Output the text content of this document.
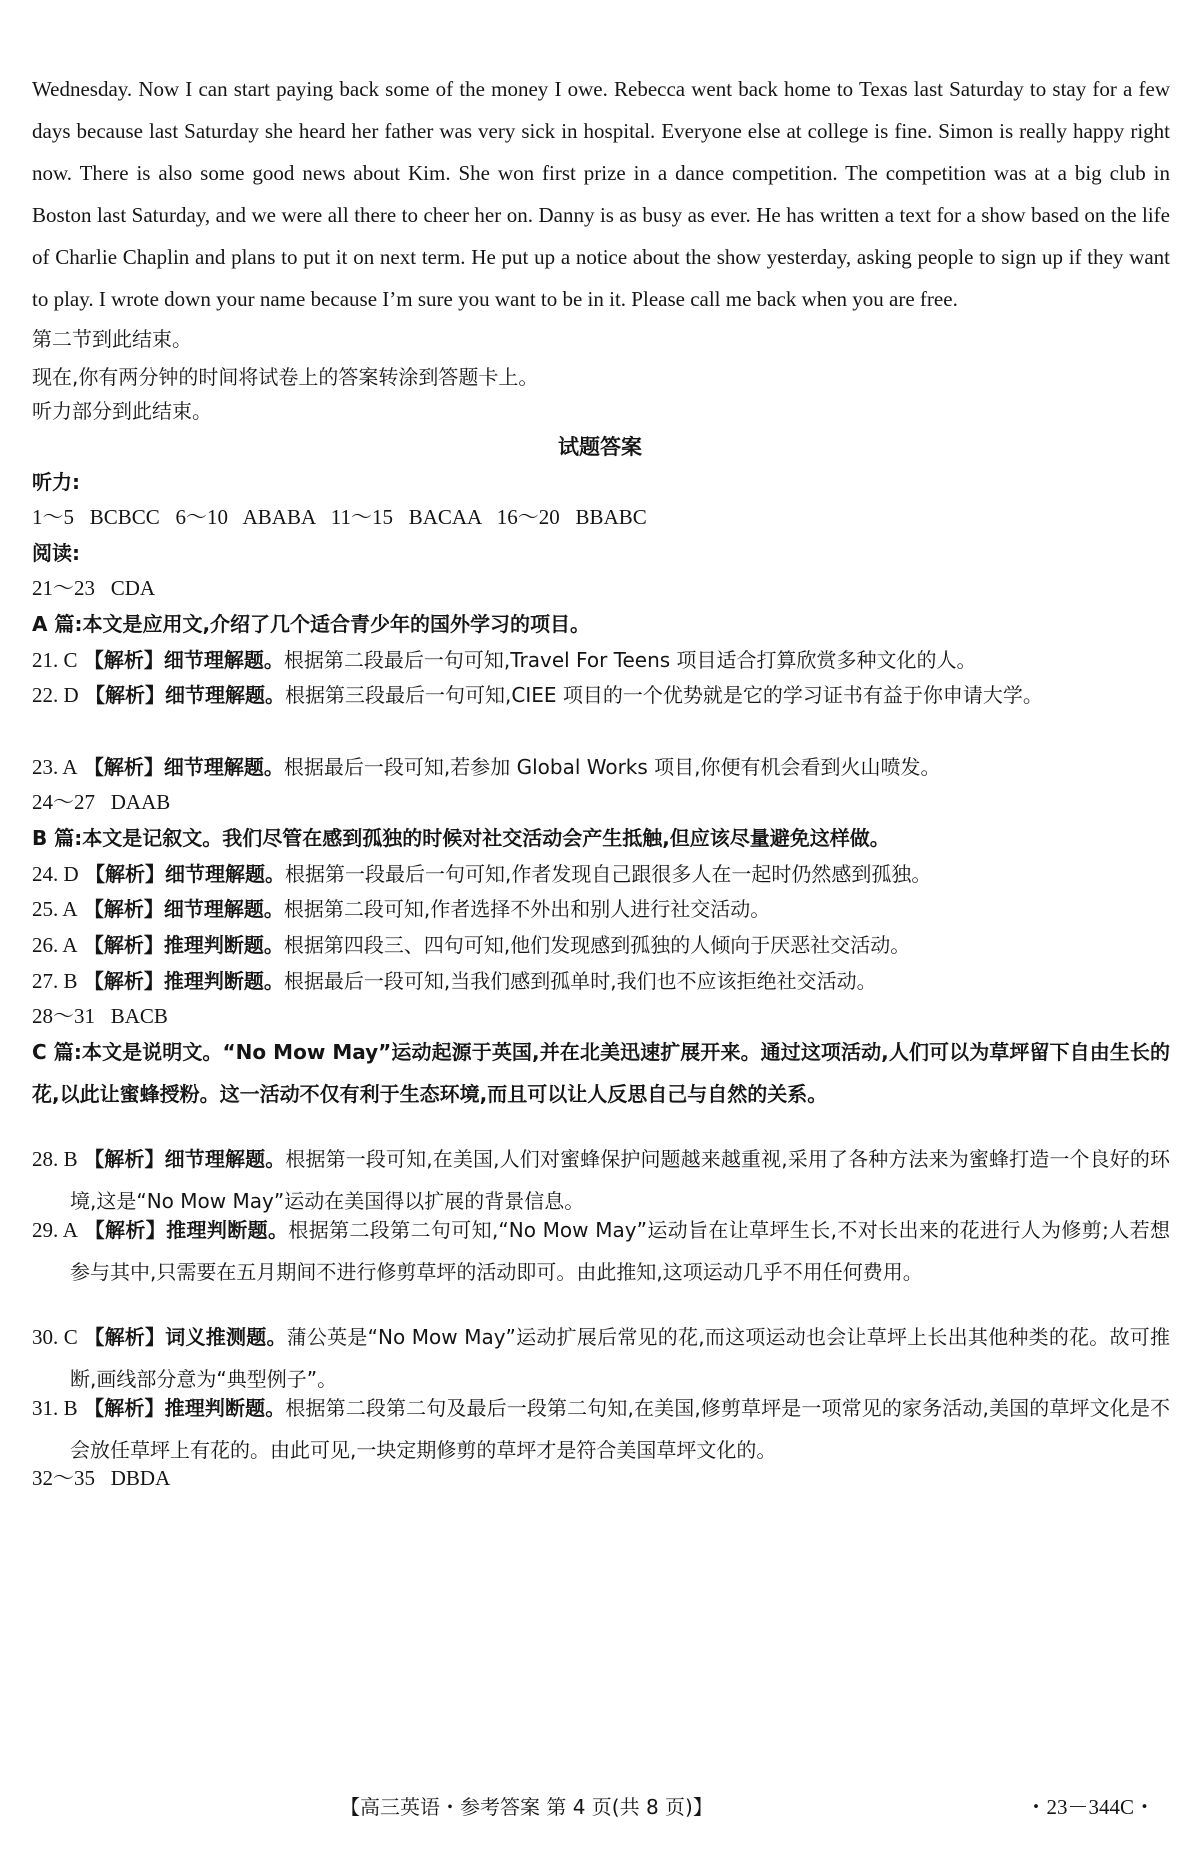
Wednesday. Now I can start paying back some of the money I owe. Rebecca went back home to Texas last Saturday to stay for a few days because last Saturday she heard her father was very sick in hospital. Everyone else at college is fine. Simon is really happy right now. There is also some good news about Kim. She won first prize in a dance competition. The competition was at a big club in Boston last Saturday, and we were all there to cheer her on. Danny is as busy as ever. He has written a text for a show based on the life of Charlie Chaplin and plans to put it on next term. He put up a notice about the show yesterday, asking people to sign up if they want to play. I wrote down your name because I’m sure you want to be in it. Please call me back when you are free.
第二节到此结束。
现在,你有两分钟的时间将试卷上的答案转涂到答题卡上。
听力部分到此结束。
试题答案
听力:
1～5   BCBCC   6～10   ABABA   11～15   BACAA   16～20   BBABC
阅读:
21～23   CDA
A 篇:本文是应用文,介绍了几个适合青少年的国外学习的项目。
21. C 【解析】细节理解题。根据第二段最后一句可知,Travel For Teens 项目适合打算欣赏多种文化的人。
22. D 【解析】细节理解题。根据第三段最后一句可知,CIEE 项目的一个优势就是它的学习证书有益于你申请大学。
23. A 【解析】细节理解题。根据最后一段可知,若参加 Global Works 项目,你便有机会看到火山喷发。
24～27   DAAB
B 篇:本文是记叙文。我们尽管在感到孤独的时候对社交活动会产生抵触,但应该尽量避免这样做。
24. D 【解析】细节理解题。根据第一段最后一句可知,作者发现自己跟很多人在一起时仍然感到孤独。
25. A 【解析】细节理解题。根据第二段可知,作者选择不外出和别人进行社交活动。
26. A 【解析】推理判断题。根据第四段三、四句可知,他们发现感到孤独的人倾向于厌恶社交活动。
27. B 【解析】推理判断题。根据最后一段可知,当我们感到孤单时,我们也不应该拒绝社交活动。
28～31   BACB
C 篇:本文是说明文。“No Mow May”运动起源于英国,并在北美迅速扩展开来。通过这项活动,人们可以为草坪留下自由生长的花,以此让蜜蜂授粉。这一活动不仅有利于生态环境,而且可以让人反思自己与自然的关系。
28. B 【解析】细节理解题。根据第一段可知,在美国,人们对蜜蜂保护问题越来越重视,采用了各种方法来为蜜蜂打造一个良好的环境,这是“No Mow May”运动在美国得以扩展的背景信息。
29. A 【解析】推理判断题。根据第二段第二句可知,“No Mow May”运动旨在让草坪生长,不对长出来的花进行人为修剪;人若想参与其中,只需要在五月期间不进行修剪草坪的活动即可。由此推知,这项运动几乎不用任何费用。
30. C 【解析】词义推测题。蒲公英是“No Mow May”运动扩展后常见的花,而这项运动也会让草坪上长出其他种类的花。故可推断,画线部分意为“典型例子”。
31. B 【解析】推理判断题。根据第二段第二句及最后一段第二句知,在美国,修剪草坪是一项常见的家务活动,美国的草坪文化是不会放任草坪上有花的。由此可见,一块定期修剪的草坪才是符合美国草坪文化的。
32～35   DBDA
【高三英语・参考答案 第 4 页(共 8 页)】	・23－344C・
